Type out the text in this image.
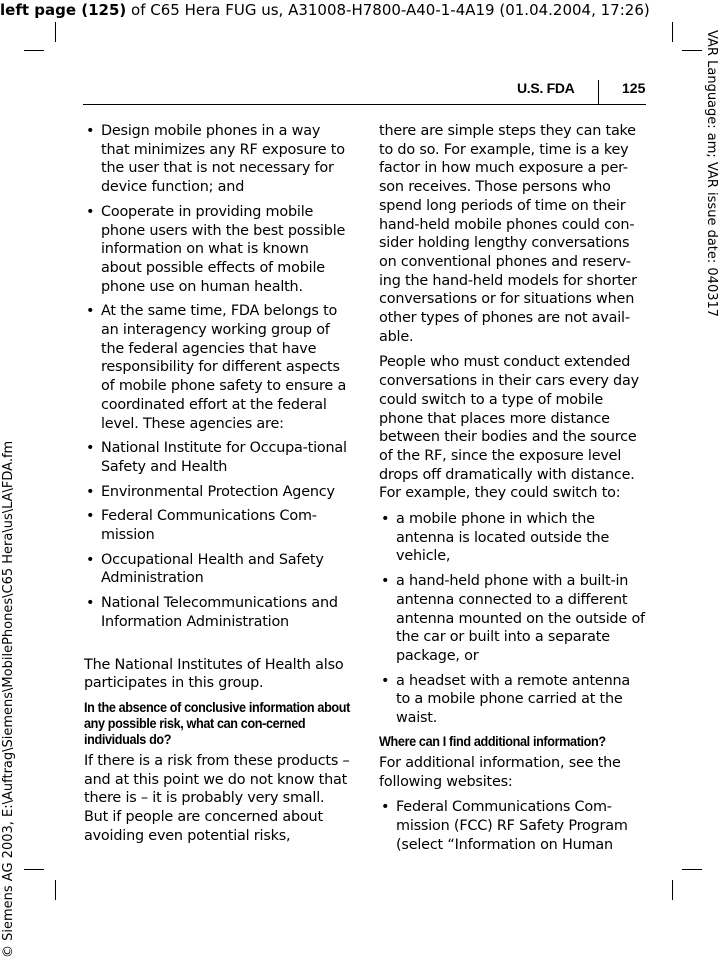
left page (125) of C65 Hera FUG us, A31008-H7800-A40-1-4A19 (01.04.2004, 17:26)
VAR Language: am; VAR issue date: 040317
© Siemens AG 2003, E:\Auftrag\Siemens\MobilePhones\C65 Hera\us\LA\FDA.fm
U.S. FDA	125
• Design mobile phones in a way that minimizes any RF exposure to the user that is not necessary for device function; and
• Cooperate in providing mobile phone users with the best possible information on what is known about possible effects of mobile phone use on human health.
• At the same time, FDA belongs to an interagency working group of the federal agencies that have responsibility for different aspects of mobile phone safety to ensure a coordinated effort at the federal level. These agencies are:
• National Institute for Occupa-tional Safety and Health
• Environmental Protection Agency
• Federal Communications Com-mission
• Occupational Health and Safety Administration
• National Telecommunications and Information Administration

The National Institutes of Health also participates in this group.

In the absence of conclusive information about any possible risk, what can con-cerned individuals do?

If there is a risk from these products – and at this point we do not know that there is – it is probably very small. But if people are concerned about avoiding even potential risks,

there are simple steps they can take to do so. For example, time is a key factor in how much exposure a per-son receives. Those persons who spend long periods of time on their hand-held mobile phones could con-sider holding lengthy conversations on conventional phones and reserv-ing the hand-held models for shorter conversations or for situations when other types of phones are not avail-able.

People who must conduct extended conversations in their cars every day could switch to a type of mobile phone that places more distance between their bodies and the source of the RF, since the exposure level drops off dramatically with distance. For example, they could switch to:

• a mobile phone in which the antenna is located outside the vehicle,
• a hand-held phone with a built-in antenna connected to a different antenna mounted on the outside of the car or built into a separate package, or
• a headset with a remote antenna to a mobile phone carried at the waist.
Where can I find additional information?

For additional information, see the following websites:

• Federal Communications Com-mission (FCC) RF Safety Program (select “Information on Human
